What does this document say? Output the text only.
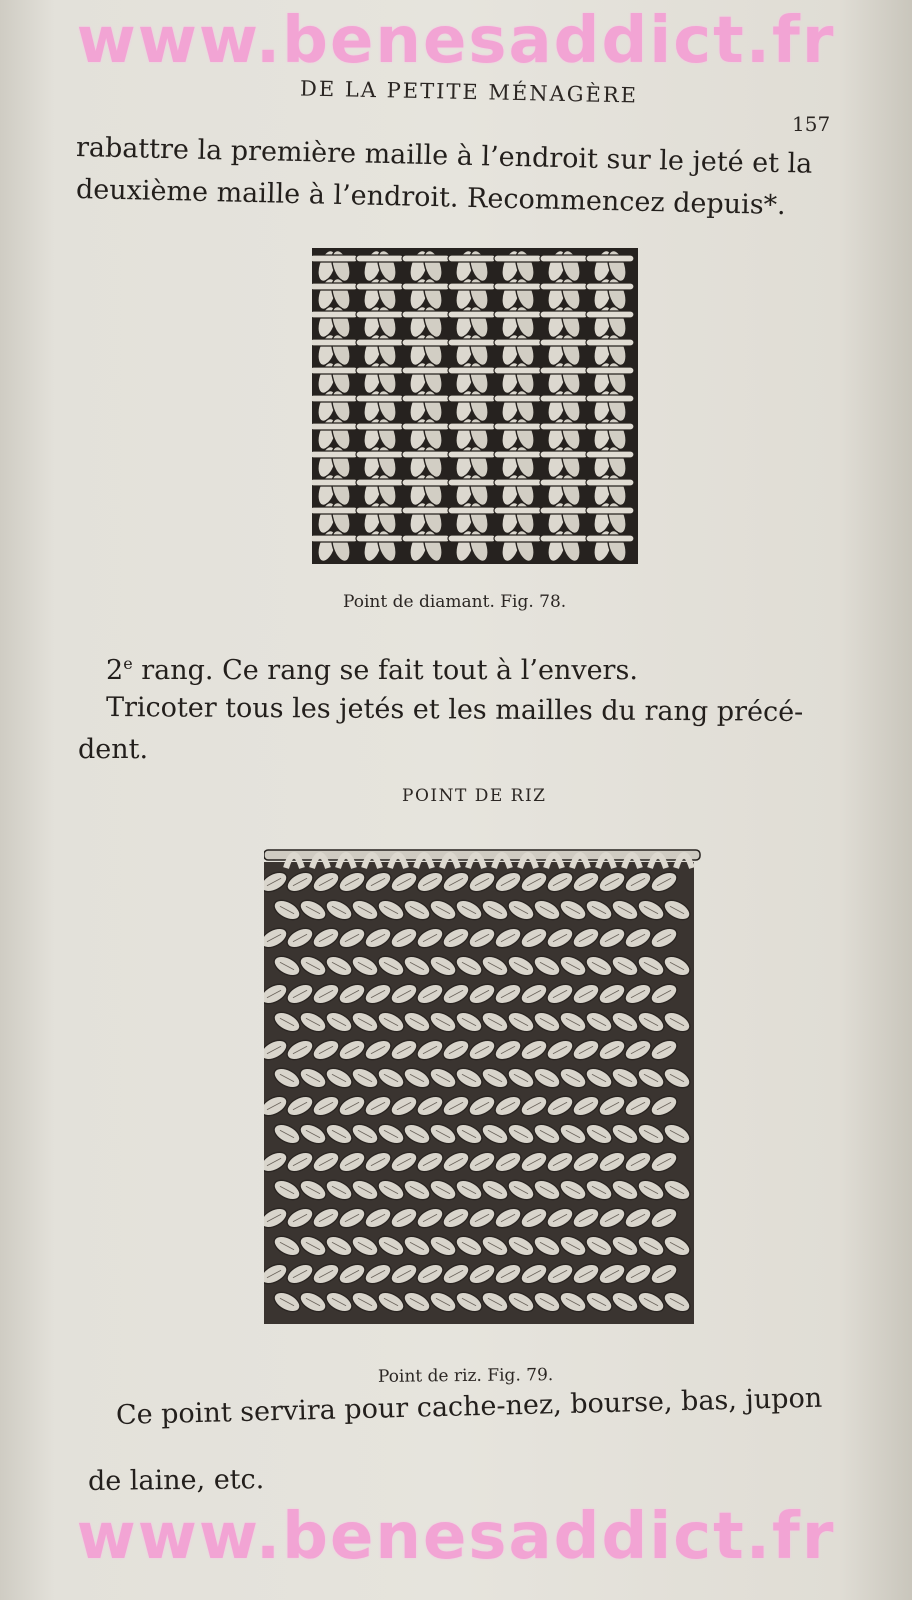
www.benesaddict.fr
DE LA PETITE MÉNAGÈRE
157
rabattre la première maille à l’endroit sur le jeté et la
deuxième maille à l’endroit. Recommencez depuis*.
Point de diamant. Fig. 78.
2e rang. Ce rang se fait tout à l’envers.
Tricoter tous les jetés et les mailles du rang précé-
dent.
POINT DE RIZ
Point de riz. Fig. 79.
Ce point servira pour cache-nez, bourse, bas, jupon
de laine, etc.
www.benesaddict.fr
